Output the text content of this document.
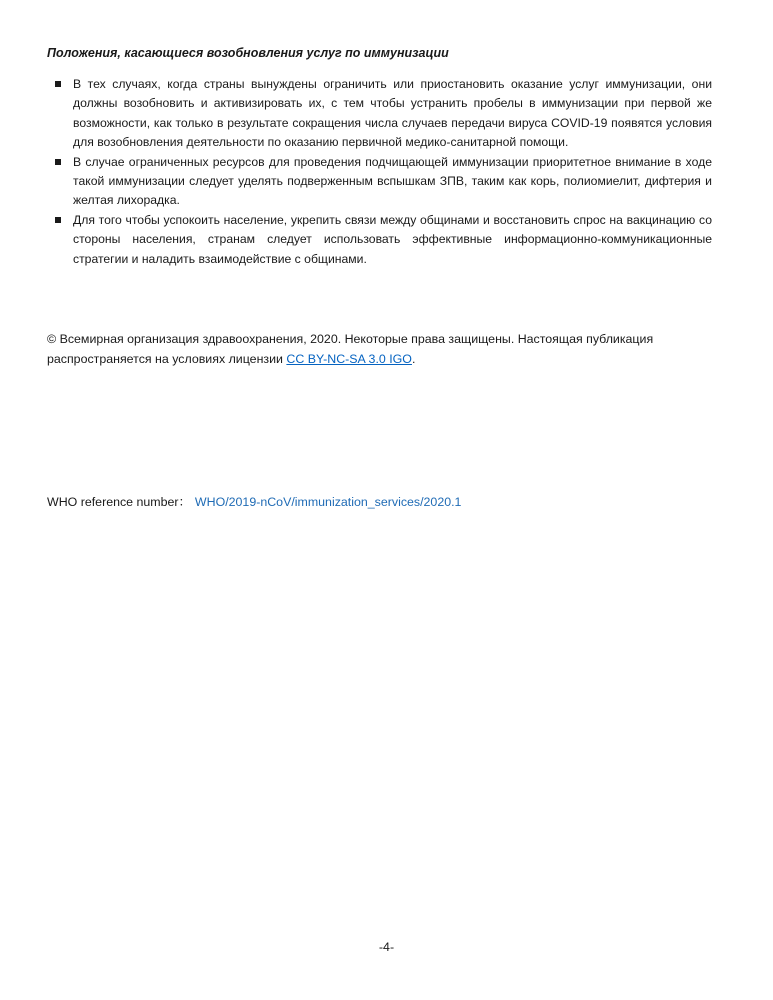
Положения, касающиеся возобновления услуг по иммунизации
В тех случаях, когда страны вынуждены ограничить или приостановить оказание услуг иммунизации, они должны возобновить и активизировать их, с тем чтобы устранить пробелы в иммунизации при первой же возможности, как только в результате сокращения числа случаев передачи вируса COVID-19 появятся условия для возобновления деятельности по оказанию первичной медико-санитарной помощи.
В случае ограниченных ресурсов для проведения подчищающей иммунизации приоритетное внимание в ходе такой иммунизации следует уделять подверженным вспышкам ЗПВ, таким как корь, полиомиелит, дифтерия и желтая лихорадка.
Для того чтобы успокоить население, укрепить связи между общинами и восстановить спрос на вакцинацию со стороны населения, странам следует использовать эффективные информационно-коммуникационные стратегии и наладить взаимодействие с общинами.

© Всемирная организация здравоохранения, 2020. Некоторые права защищены. Настоящая публикация распространяется на условиях лицензии CC BY-NC-SA 3.0 IGO.

WHO reference number： WHO/2019-nCoV/immunization_services/2020.1

-4-
